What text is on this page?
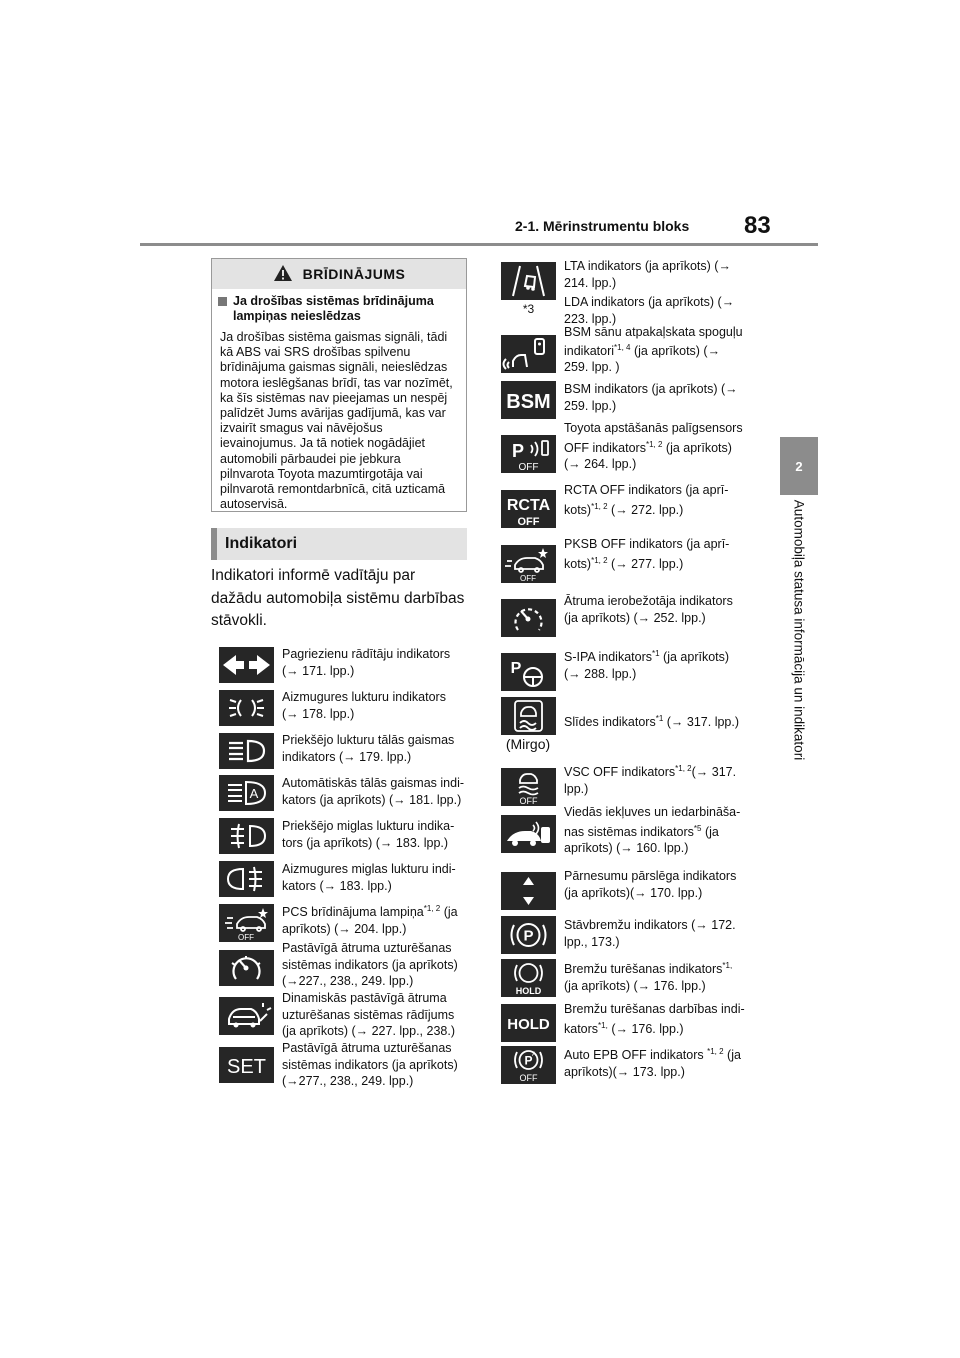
2-1. Mērinstrumentu bloks 83
2
Automobiļa statusa informācija un indikatori
BRĪDINĀJUMS
Ja drošības sistēmas brīdinājuma lampiņas neieslēdzas
Ja drošības sistēma gaismas signāli, tādi kā ABS vai SRS drošības spilvenu brīdinājuma gaismas signāli, neieslēdzas motora ieslēgšanas brīdī, tas var nozīmēt, ka šīs sistēmas nav pieejamas un nespēj palīdzēt Jums avārijas gadījumā, kas var izvairīt smagus vai nāvējošus ievainojumus. Ja tā notiek nogādājiet automobili pārbaudei pie jebkura pilnvarota Toyota mazumtirgotāja vai pilnvarotā remontdarbnīcā, citā uzticamā autoservisā.
Indikatori
Indikatori informē vadītāju par dažādu automobiļa sistēmu darbības stāvokli.
Pagriezienu rādītāju indikators
(→ 171. lpp.)
Aizmugures lukturu indikators
(→ 178. lpp.)
Priekšējo lukturu tālās gaismas
indikators (→ 179. lpp.)
A
Automātiskās tālās gaismas indi-
kators (ja aprīkots) (→ 181. lpp.)
Priekšējo miglas lukturu indika-
tors (ja aprīkots) (→ 183. lpp.)
Aizmugures miglas lukturu indi-
kators (→ 183. lpp.)
OFF
PCS brīdinājuma lampiņa$^{*1, 2}$ (ja
aprīkots) (→ 204. lpp.)
Pastāvīgā ātruma uzturēšanas
sistēmas indikators (ja aprīkots)
(→227., 238., 249. lpp.)
Dinamiskās pastāvīgā ātruma
uzturēšanas sistēmas rādījums
(ja aprīkots) (→ 227. lpp., 238.)
SET
Pastāvīgā ātruma uzturēšanas
sistēmas indikators (ja aprīkots)
(→277., 238., 249. lpp.)
*3
LTA indikators (ja aprīkots) (→
214. lpp.)
LDA indikators (ja aprīkots) (→
223. lpp.)
BSM sānu atpakaļskata spoguļu
indikatori$^{*1, 4}$ (ja aprīkots) (→
259. lpp. )
BSM
BSM indikators (ja aprīkots) (→
259. lpp.)
P
OFF
Toyota apstāšanās palīgsensors
OFF indikators$^{*1, 2}$ (ja aprīkots)
(→ 264. lpp.)
RCTA
OFF
RCTA OFF indikators (ja aprī-
kots)$^{*1, 2}$ (→ 272. lpp.)
OFF
PKSB OFF indikators (ja aprī-
kots)$^{*1, 2}$ (→ 277. lpp.)
Ātruma ierobežotāja indikators
(ja aprīkots) (→ 252. lpp.)
P
S-IPA indikators$^{*1}$ (ja aprīkots)
(→ 288. lpp.)
(Mirgo)
Slīdes indikators$^{*1}$ (→ 317. lpp.)
OFF
VSC OFF indikators$^{*1, 2}$(→ 317.
lpp.)
Viedās iekļuves un iedarbināša-
nas sistēmas indikators$^{*5}$ (ja
aprīkots) (→ 160. lpp.)
Pārnesumu pārslēga indikators
(ja aprīkots)(→ 170. lpp.)
P
Stāvbremžu indikators (→ 172.
lpp., 173.)
HOLD
Bremžu turēšanas indikators$^{*1,}$
(ja aprīkots) (→ 176. lpp.)
HOLD
Bremžu turēšanas darbības indi-
kators$^{*1,}$ (→ 176. lpp.)
P A
OFF
Auto EPB OFF indikators $^{*1, 2}$ (ja
aprīkots)(→ 173. lpp.)
